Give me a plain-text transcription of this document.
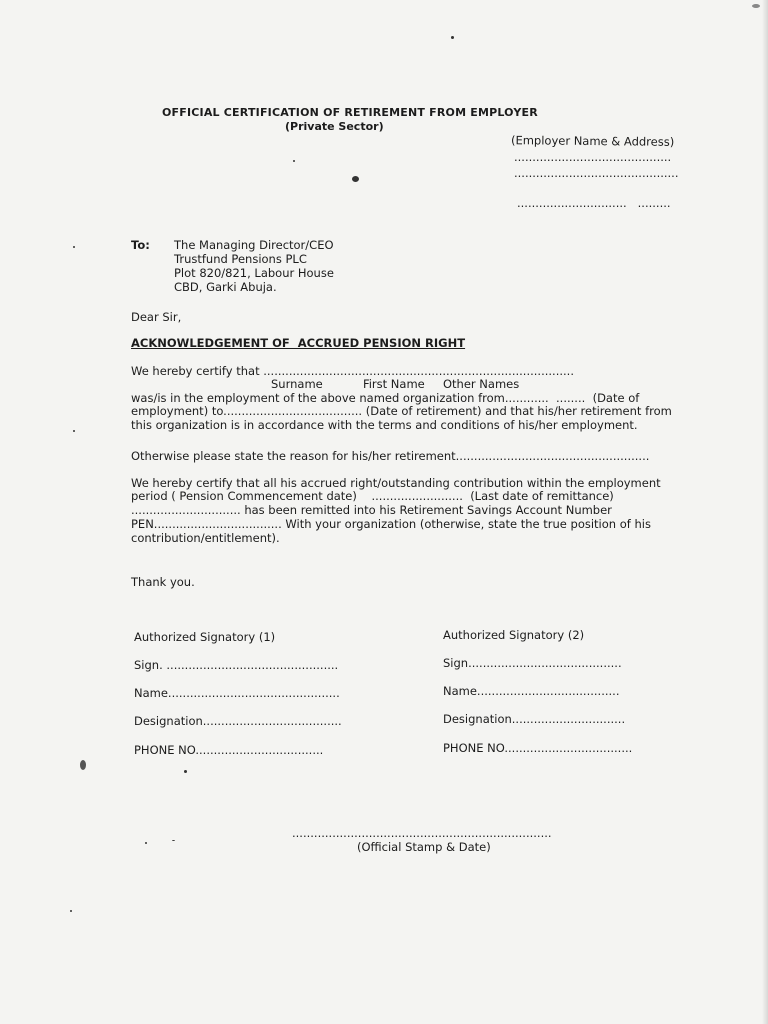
OFFICIAL CERTIFICATION OF RETIREMENT FROM EMPLOYER
(Private Sector)
(Employer Name & Address)
...........................................
.............................................
..............................   .........
To: The Managing Director/CEO
Trustfund Pensions PLC
Plot 820/821, Labour House
CBD, Garki Abuja.
Dear Sir,
ACKNOWLEDGEMENT OF  ACCRUED PENSION RIGHT
We hereby certify that .....................................................................................
Surname           First Name     Other Names
was/is in the employment of the above named organization from............  ........  (Date of
employment) to...................................... (Date of retirement) and that his/her retirement from
this organization is in accordance with the terms and conditions of his/her employment.
Otherwise please state the reason for his/her retirement.....................................................
We hereby certify that all his accrued right/outstanding contribution within the employment
period ( Pension Commencement date)    .........................  (Last date of remittance)
.............................. has been remitted into his Retirement Savings Account Number
PEN................................... With your organization (otherwise, state the true position of his
contribution/entitlement).
Thank you.
Authorized Signatory (1)
Sign. ...............................................
Name...............................................
Designation......................................
PHONE NO...................................
Authorized Signatory (2)
Sign..........................................
Name.......................................
Designation...............................
PHONE NO...................................
.......................................................................
(Official Stamp & Date)
